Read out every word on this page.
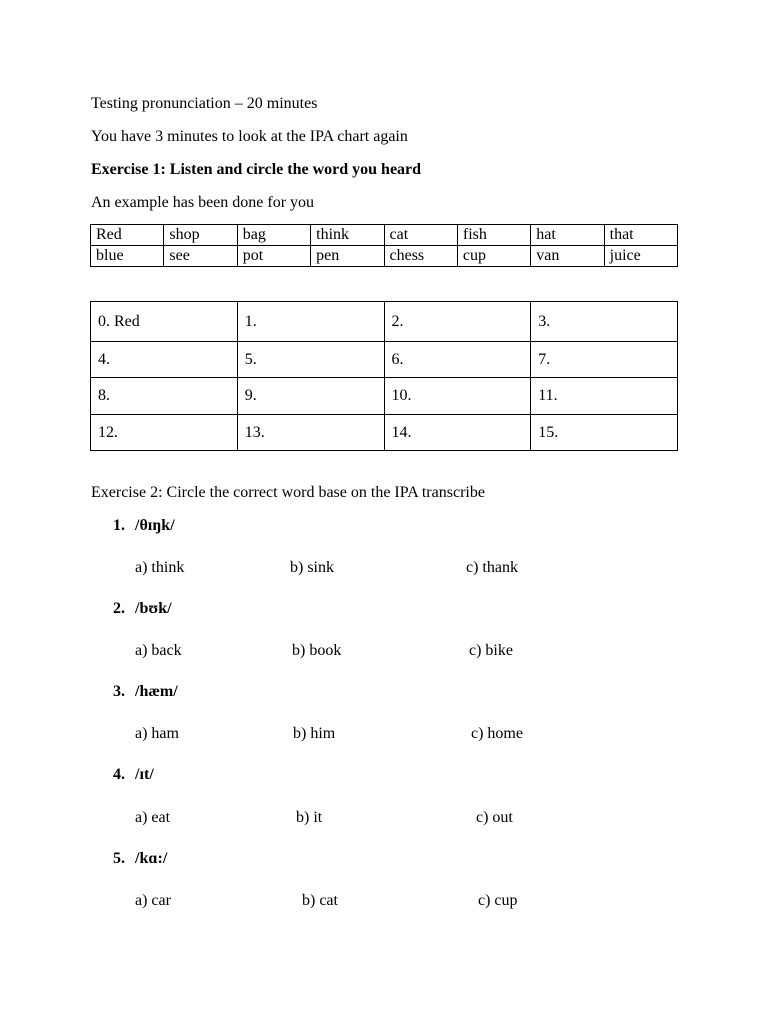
Testing pronunciation – 20 minutes
You have 3 minutes to look at the IPA chart again
Exercise 1: Listen and circle the word you heard
An example has been done for you
Red	shop	bag	think	cat	fish	hat	that
blue	see	pot	pen	chess	cup	van	juice
0. Red	1.	2.	3.
4.	5.	6.	7.
8.	9.	10.	11.
12.	13.	14.	15.
Exercise 2: Circle the correct word base on the IPA transcribe
1. /θɪŋk/
a) think	b) sink	c) thank
2. /bʊk/
a) back	b) book	c) bike
3. /hæm/
a) ham	b) him	c) home
4. /ɪt/
a) eat	b) it	c) out
5. /kɑ:/
a) car	b) cat	c) cup
